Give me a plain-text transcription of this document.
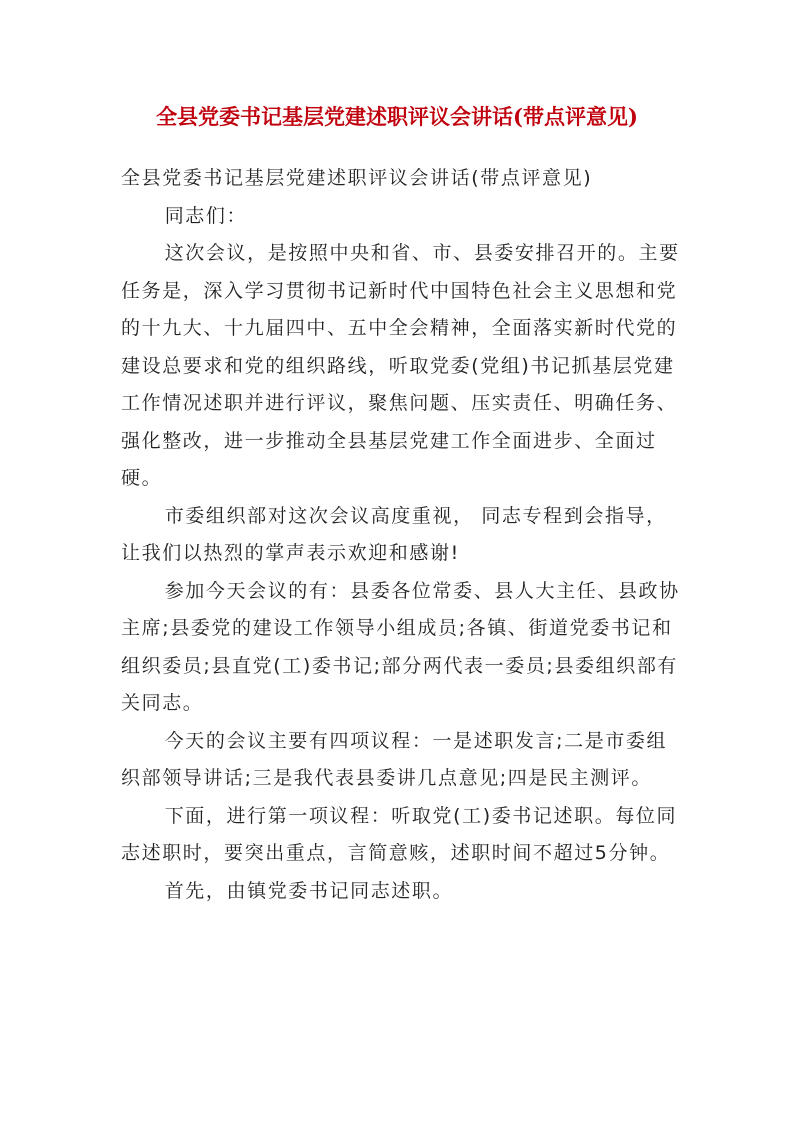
全县党委书记基层党建述职评议会讲话(带点评意见)

全县党委书记基层党建述职评议会讲话(带点评意见)

同志们：

这次会议，是按照中央和省、市、县委安排召开的。主要任务是，深入学习贯彻书记新时代中国特色社会主义思想和党的十九大、十九届四中、五中全会精神，全面落实新时代党的建设总要求和党的组织路线，听取党委(党组)书记抓基层党建工作情况述职并进行评议，聚焦问题、压实责任、明确任务、强化整改，进一步推动全县基层党建工作全面进步、全面过硬。

市委组织部对这次会议高度重视， 同志专程到会指导，让我们以热烈的掌声表示欢迎和感谢!

参加今天会议的有：县委各位常委、县人大主任、县政协主席;县委党的建设工作领导小组成员;各镇、街道党委书记和组织委员;县直党(工)委书记;部分两代表一委员;县委组织部有关同志。

今天的会议主要有四项议程：一是述职发言;二是市委组织部领导讲话;三是我代表县委讲几点意见;四是民主测评。

下面，进行第一项议程：听取党(工)委书记述职。每位同志述职时，要突出重点，言简意赅，述职时间不超过5分钟。

首先，由镇党委书记同志述职。
